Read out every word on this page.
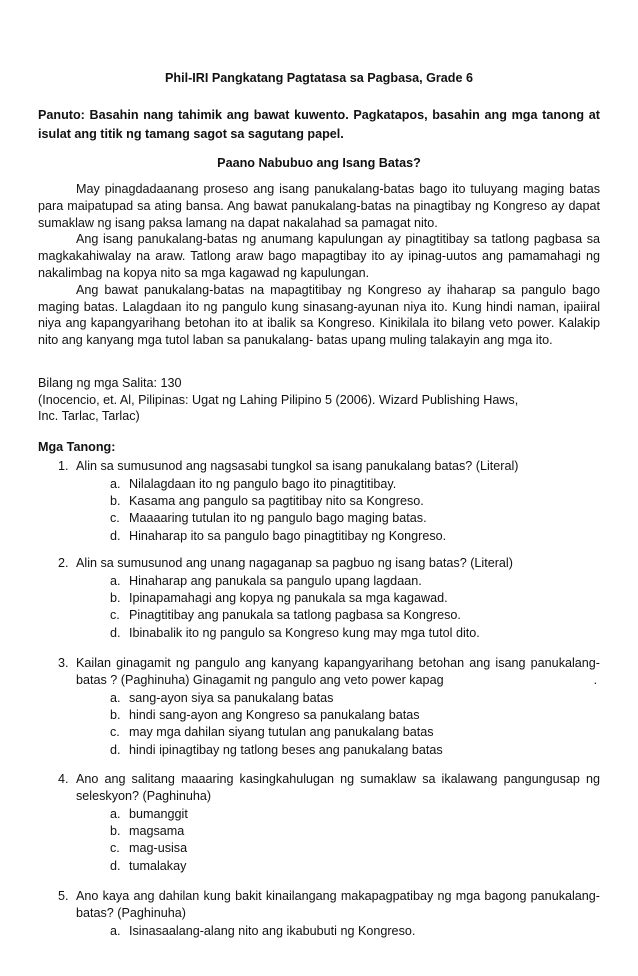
Phil-IRI Pangkatang Pagtatasa sa Pagbasa, Grade 6
Panuto: Basahin nang tahimik ang bawat kuwento. Pagkatapos, basahin ang mga tanong at isulat ang titik ng tamang sagot sa sagutang papel.
Paano Nabubuo ang Isang Batas?

May pinagdadaanang proseso ang isang panukalang-batas bago ito tuluyang maging batas para maipatupad sa ating bansa. Ang bawat panukalang-batas na pinagtibay ng Kongreso ay dapat sumaklaw ng isang paksa lamang na dapat nakalahad sa pamagat nito.

Ang isang panukalang-batas ng anumang kapulungan ay pinagtitibay sa tatlong pagbasa sa magkakahiwalay na araw. Tatlong araw bago mapagtibay ito ay ipinag-uutos ang pamamahagi ng nakalimbag na kopya nito sa mga kagawad ng kapulungan.

Ang bawat panukalang-batas na mapagtitibay ng Kongreso ay ihaharap sa pangulo bago maging batas. Lalagdaan ito ng pangulo kung sinasang-ayunan niya ito. Kung hindi naman, ipaiiral niya ang kapangyarihang betohan ito at ibalik sa Kongreso. Kinikilala ito bilang veto power. Kalakip nito ang kanyang mga tutol laban sa panukalang- batas upang muling talakayin ang mga ito.

Bilang ng mga Salita: 130
(Inocencio, et. Al, Pilipinas: Ugat ng Lahing Pilipino 5 (2006). Wizard Publishing Haws,
Inc. Tarlac, Tarlac)
Mga Tanong:
1. Alin sa sumusunod ang nagsasabi tungkol sa isang panukalang batas? (Literal)
a. Nilalagdaan ito ng pangulo bago ito pinagtitibay.
b. Kasama ang pangulo sa pagtitibay nito sa Kongreso.
c. Maaaaring tutulan ito ng pangulo bago maging batas.
d. Hinaharap ito sa pangulo bago pinagtitibay ng Kongreso.
2. Alin sa sumusunod ang unang nagaganap sa pagbuo ng isang batas? (Literal)
a. Hinaharap ang panukala sa pangulo upang lagdaan.
b. Ipinapamahagi ang kopya ng panukala sa mga kagawad.
c. Pinagtitibay ang panukala sa tatlong pagbasa sa Kongreso.
d. Ibinabalik ito ng pangulo sa Kongreso kung may mga tutol dito.
3. Kailan ginagamit ng pangulo ang kanyang kapangyarihang betohan ang isang panukalang-batas ? (Paghinuha) Ginagamit ng pangulo ang veto power kapag	.
a. sang-ayon siya sa panukalang batas
b. hindi sang-ayon ang Kongreso sa panukalang batas
c. may mga dahilan siyang tutulan ang panukalang batas
d. hindi ipinagtibay ng tatlong beses ang panukalang batas
4. Ano ang salitang maaaring kasingkahulugan ng sumaklaw sa ikalawang pangungusap ng seleskyon? (Paghinuha)
a. bumanggit
b. magsama
c. mag-usisa
d. tumalakay
5. Ano kaya ang dahilan kung bakit kinailangang makapagpatibay ng mga bagong panukalang-batas? (Paghinuha)
a. Isinasaalang-alang nito ang ikabubuti ng Kongreso.
